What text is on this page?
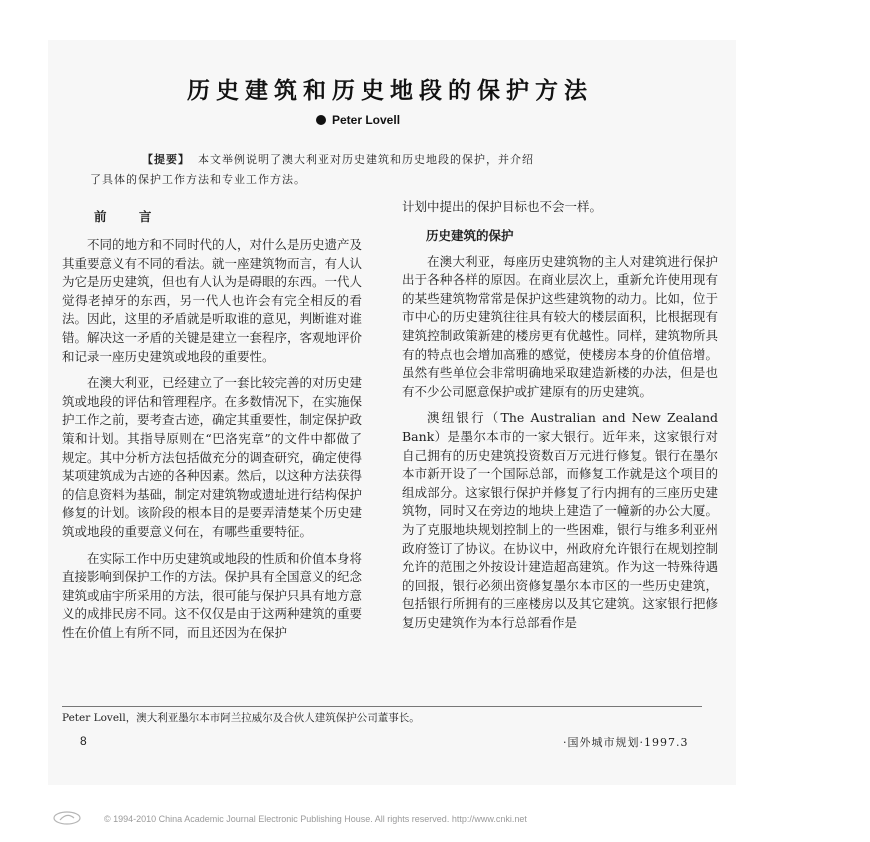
历史建筑和历史地段的保护方法
Peter Lovell
【提要】 本文举例说明了澳大利亚对历史建筑和历史地段的保护，并介绍
了具体的保护工作方法和专业工作方法。
前 言

不同的地方和不同时代的人，对什么是历史遗产及其重要意义有不同的看法。就一座建筑物而言，有人认为它是历史建筑，但也有人认为是碍眼的东西。一代人觉得老掉牙的东西，另一代人也许会有完全相反的看法。因此，这里的矛盾就是听取谁的意见，判断谁对谁错。解决这一矛盾的关键是建立一套程序，客观地评价和记录一座历史建筑或地段的重要性。

在澳大利亚，已经建立了一套比较完善的对历史建筑或地段的评估和管理程序。在多数情况下，在实施保护工作之前，要考查古迹，确定其重要性，制定保护政策和计划。其指导原则在“巴洛宪章”的文件中都做了规定。其中分析方法包括做充分的调查研究，确定使得某项建筑成为古迹的各种因素。然后，以这种方法获得的信息资料为基础，制定对建筑物或遗址进行结构保护修复的计划。该阶段的根本目的是要弄清楚某个历史建筑或地段的重要意义何在，有哪些重要特征。

在实际工作中历史建筑或地段的性质和价值本身将直接影响到保护工作的方法。保护具有全国意义的纪念建筑或庙宇所采用的方法，很可能与保护只具有地方意义的成排民房不同。这不仅仅是由于这两种建筑的重要性在价值上有所不同，而且还因为在保护

计划中提出的保护目标也不会一样。

历史建筑的保护

在澳大利亚，每座历史建筑物的主人对建筑进行保护出于各种各样的原因。在商业层次上，重新允许使用现有的某些建筑物常常是保护这些建筑物的动力。比如，位于市中心的历史建筑往往具有较大的楼层面积，比根据现有建筑控制政策新建的楼房更有优越性。同样，建筑物所具有的特点也会增加高雅的感觉，使楼房本身的价值倍增。虽然有些单位会非常明确地采取建造新楼的办法，但是也有不少公司愿意保护或扩建原有的历史建筑。

澳纽银行（The Australian and New Zealand Bank）是墨尔本市的一家大银行。近年来，这家银行对自己拥有的历史建筑投资数百万元进行修复。银行在墨尔本市新开设了一个国际总部，而修复工作就是这个项目的组成部分。这家银行保护并修复了行内拥有的三座历史建筑物，同时又在旁边的地块上建造了一幢新的办公大厦。为了克服地块规划控制上的一些困难，银行与维多利亚州政府签订了协议。在协议中，州政府允许银行在规划控制允许的范围之外按设计建造超高建筑。作为这一特殊待遇的回报，银行必须出资修复墨尔本市区的一些历史建筑，包括银行所拥有的三座楼房以及其它建筑。这家银行把修复历史建筑作为本行总部看作是

Peter Lovell，澳大利亚墨尔本市阿兰拉威尔及合伙人建筑保护公司董事长。
8	·国外城市规划·1997.3
© 1994-2010 China Academic Journal Electronic Publishing House. All rights reserved. http://www.cnki.net
